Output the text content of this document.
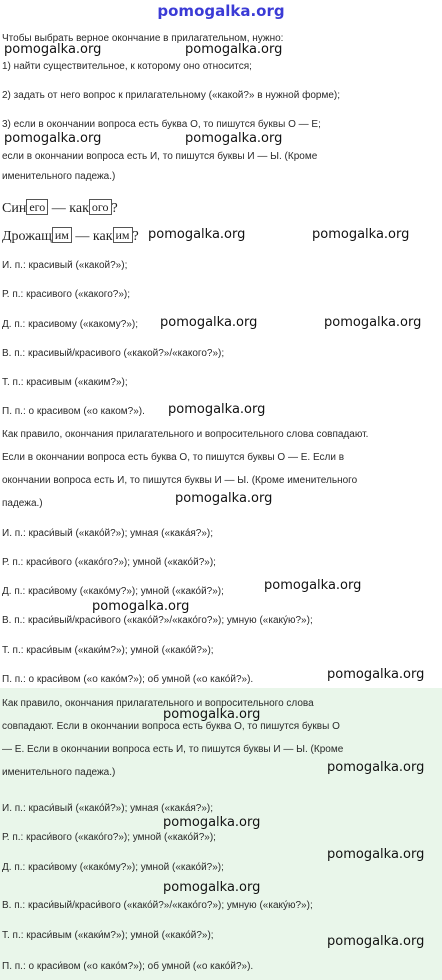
pomogalka.org
Чтобы выбрать верное окончание в прилагательном, нужно:
1) найти существительное, к которому оно относится;
2) задать от него вопрос к прилагательному («какой?» в нужной форме);
3) если в окончании вопроса есть буква О, то пишутся буквы О — Е;
если в окончании вопроса есть И, то пишутся буквы И — Ы. (Кроме
именительного падежа.)
Син его — как ого ?
Дрожащ им — как им ?
И. п.: красивый («какой?»);
Р. п.: красивого («какого?»);
Д. п.: красивому («какому?»);
В. п.: красивый/красивого («какой?»/«какого?»);
Т. п.: красивым («каким?»);
П. п.: о красивом («о каком?»).
Как правило, окончания прилагательного и вопросительного слова совпадают.
Если в окончании вопроса есть буква О, то пишутся буквы О — Е. Если в
окончании вопроса есть И, то пишутся буквы И — Ы. (Кроме именительного
падежа.)
И. п.: краси́вый («како́й?»); умная («кака́я?»);
Р. п.: краси́вого («како́го?»); умной («како́й?»);
Д. п.: краси́вому («како́му?»); умной («како́й?»);
В. п.: краси́вый/краси́вого («како́й?»/«како́го?»); умную («каку́ю?»);
Т. п.: краси́вым («каки́м?»); умной («како́й?»);
П. п.: о краси́вом («о како́м?»); об умной («о како́й?»).
Как правило, окончания прилагательного и вопросительного слова
совпадают. Если в окончании вопроса есть буква О, то пишутся буквы О
— Е. Если в окончании вопроса есть И, то пишутся буквы И — Ы. (Кроме
именительного падежа.)
И. п.: краси́вый («како́й?»); умная («кака́я?»);
Р. п.: краси́вого («како́го?»); умной («како́й?»);
Д. п.: краси́вому («како́му?»); умной («како́й?»);
В. п.: краси́вый/краси́вого («како́й?»/«како́го?»); умную («каку́ю?»);
Т. п.: краси́вым («каки́м?»); умной («како́й?»);
П. п.: о краси́вом («о како́м?»); об умной («о како́й?»).
pomogalka.org	pomogalka.org
pomogalka.org	pomogalka.org
pomogalka.org	pomogalka.org
pomogalka.org	pomogalka.org
pomogalka.org
pomogalka.org
pomogalka.org
pomogalka.org
pomogalka.org
pomogalka.org
pomogalka.org
pomogalka.org
pomogalka.org
pomogalka.org
pomogalka.org
